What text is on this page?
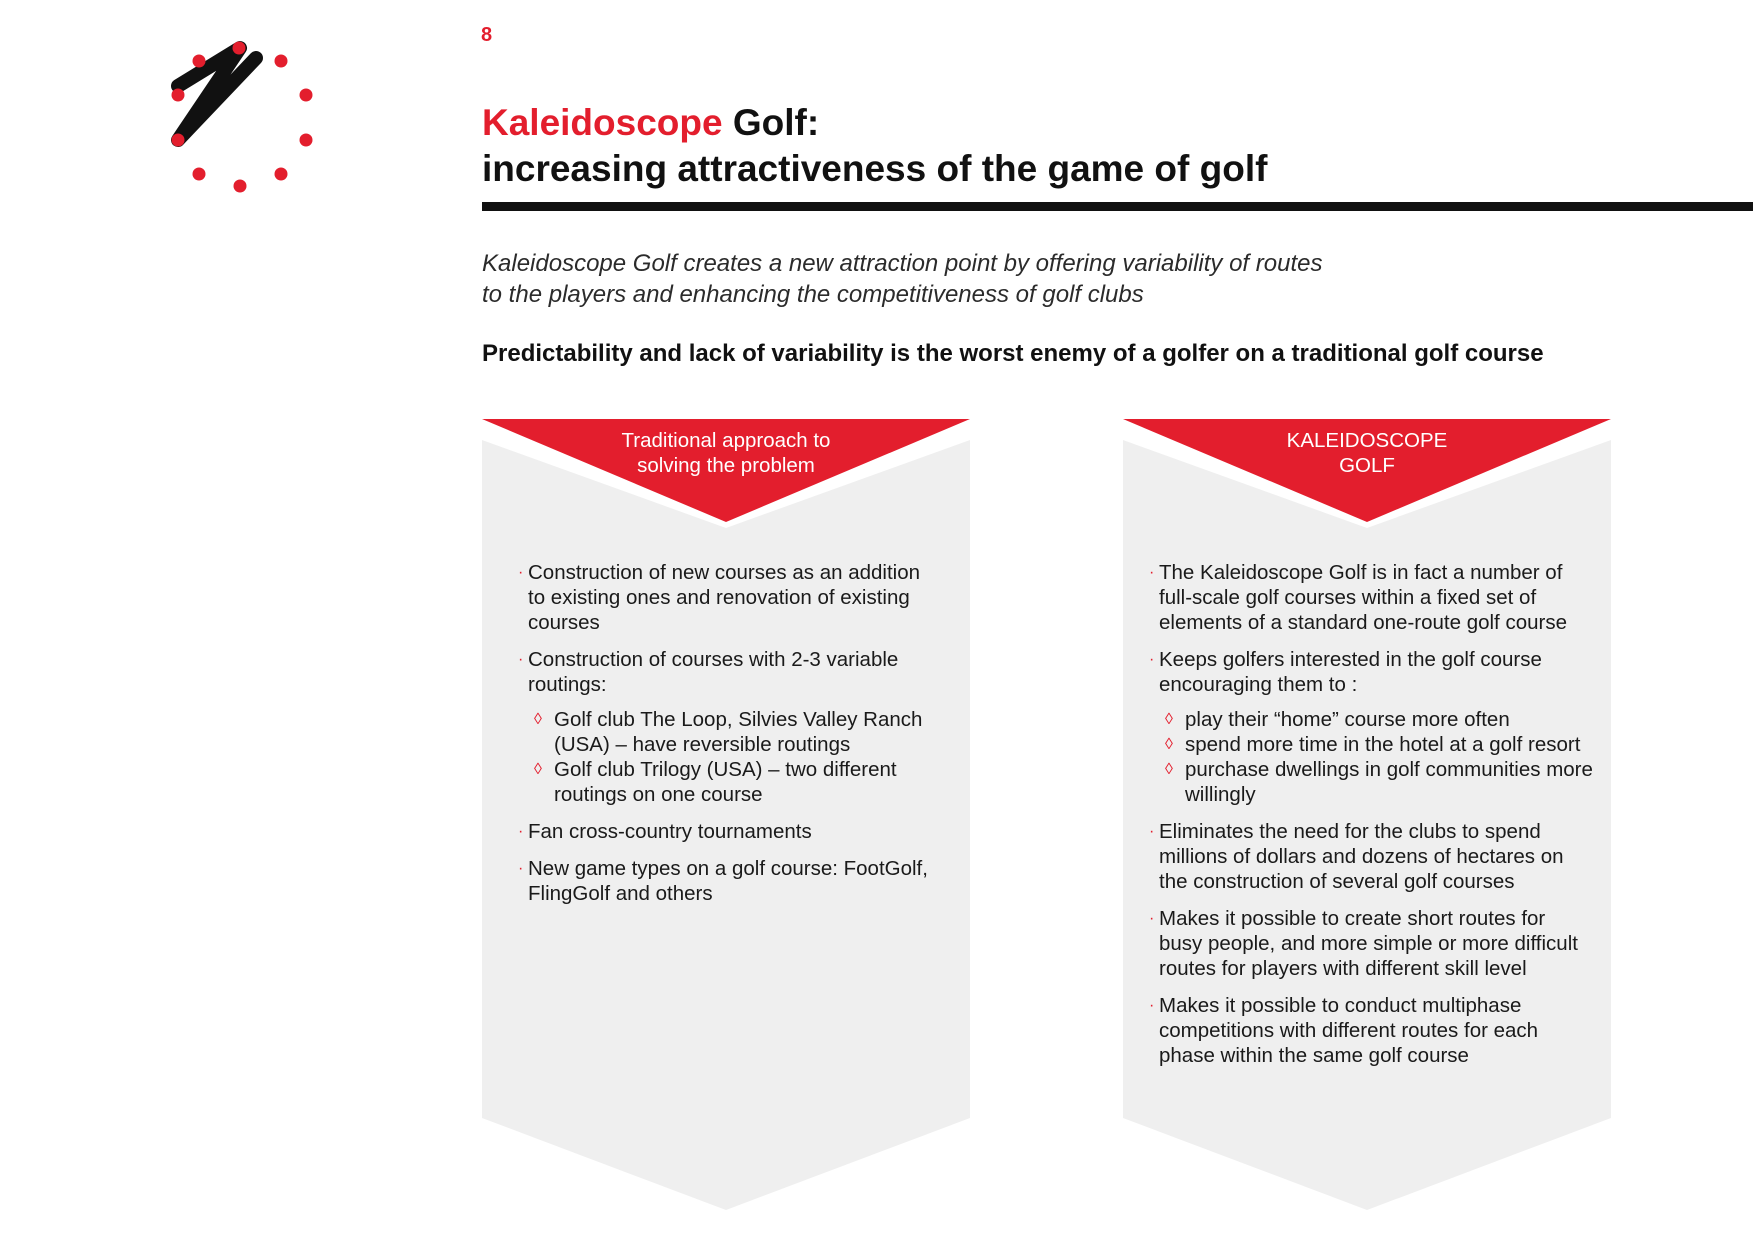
8
Kaleidoscope Golf:
increasing attractiveness of the game of golf
Kaleidoscope Golf creates a new attraction point by offering variability of routes
to the players and enhancing the competitiveness of golf clubs
Predictability and lack of variability is the worst enemy of a golfer on a traditional golf course
Traditional approach to
solving the problem
· Construction of new courses as an addition to existing ones and renovation of existing courses
· Construction of courses with 2-3 variable routings:
◊ Golf club The Loop, Silvies Valley Ranch (USA) – have reversible routings
◊ Golf club Trilogy (USA) – two different routings on one course
· Fan cross-country tournaments
· New game types on a golf course: FootGolf, FlingGolf and others
KALEIDOSCOPE
GOLF
· The Kaleidoscope Golf is in fact a number of full-scale golf courses within a fixed set of elements of a standard one-route golf course
· Keeps golfers interested in the golf course encouraging them to :
◊ play their “home” course more often
◊ spend more time in the hotel at a golf resort
◊ purchase dwellings in golf communities more willingly
· Eliminates the need for the clubs to spend millions of dollars and dozens of hectares on the construction of several golf courses
· Makes it possible to create short routes for busy people, and more simple or more difficult routes for players with different skill level
· Makes it possible to conduct multiphase competitions with different routes for each phase within the same golf course
